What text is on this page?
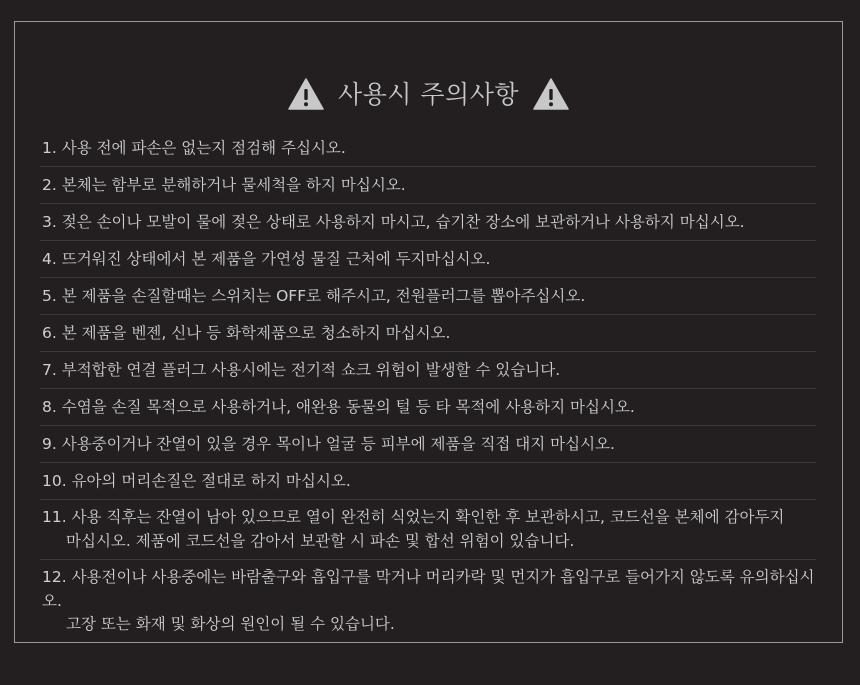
사용시 주의사항
1. 사용 전에 파손은 없는지 점검해 주십시오.
2. 본체는 함부로 분해하거나 물세척을 하지 마십시오.
3. 젖은 손이나 모발이 물에 젖은 상태로 사용하지 마시고, 습기찬 장소에 보관하거나 사용하지 마십시오.
4. 뜨거워진 상태에서 본 제품을 가연성 물질 근처에 두지마십시오.
5. 본 제품을 손질할때는 스위치는 OFF로 해주시고, 전원플러그를 뽑아주십시오.
6. 본 제품을 벤젠, 신나 등 화학제품으로 청소하지 마십시오.
7. 부적합한 연결 플러그 사용시에는 전기적 쇼크 위험이 발생할 수 있습니다.
8. 수염을 손질 목적으로 사용하거나, 애완용 동물의 털 등 타 목적에 사용하지 마십시오.
9. 사용중이거나 잔열이 있을 경우 목이나 얼굴 등 피부에 제품을 직접 대지 마십시오.
10. 유아의 머리손질은 절대로 하지 마십시오.
11. 사용 직후는 잔열이 남아 있으므로 열이 완전히 식었는지 확인한 후 보관하시고, 코드선을 본체에 감아두지
마십시오. 제품에 코드선을 감아서 보관할 시 파손 및 합선 위험이 있습니다.
12. 사용전이나 사용중에는 바람출구와 흡입구를 막거나 머리카락 및 먼지가 흡입구로 들어가지 않도록 유의하십시오.
고장 또는 화재 및 화상의 원인이 될 수 있습니다.
